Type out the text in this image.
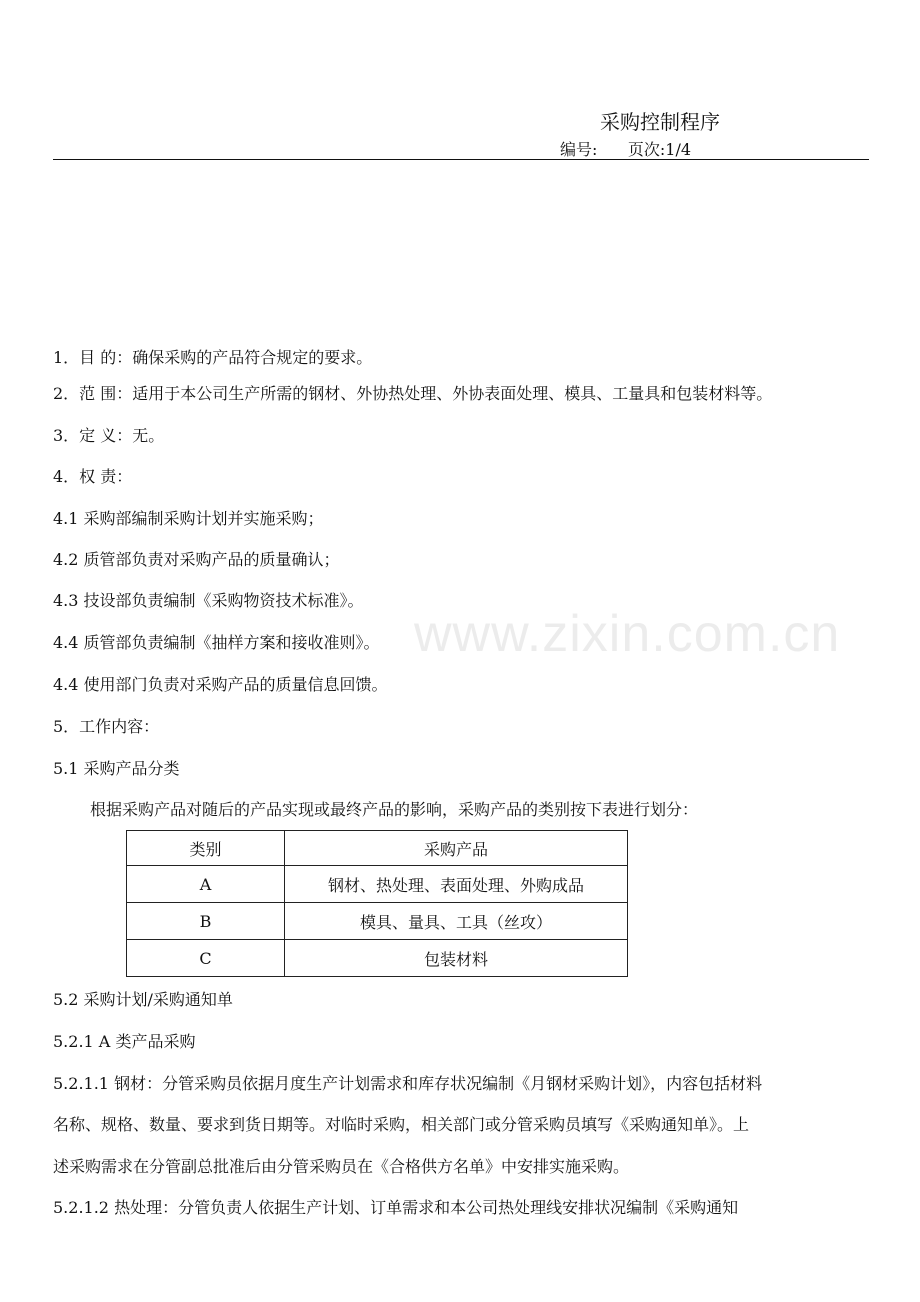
采购控制程序
编号:      页次:1/4
www.zixin.com.cn
1．目 的：确保采购的产品符合规定的要求。
2．范 围：适用于本公司生产所需的钢材、外协热处理、外协表面处理、模具、工量具和包装材料等。
3．定 义：无。
4．权 责：
4.1 采购部编制采购计划并实施采购；
4.2 质管部负责对采购产品的质量确认；
4.3 技设部负责编制《采购物资技术标准》。
4.4 质管部负责编制《抽样方案和接收准则》。
4.4 使用部门负责对采购产品的质量信息回馈。
5．工作内容：
5.1 采购产品分类
根据采购产品对随后的产品实现或最终产品的影响，采购产品的类别按下表进行划分：
类别	采购产品
A	钢材、热处理、表面处理、外购成品
B	模具、量具、工具（丝攻）
C	包装材料
5.2 采购计划/采购通知单
5.2.1 A 类产品采购
5.2.1.1 钢材：分管采购员依据月度生产计划需求和库存状况编制《月钢材采购计划》，内容包括材料
名称、规格、数量、要求到货日期等。对临时采购，相关部门或分管采购员填写《采购通知单》。上
述采购需求在分管副总批准后由分管采购员在《合格供方名单》中安排实施采购。
5.2.1.2 热处理：分管负责人依据生产计划、订单需求和本公司热处理线安排状况编制《采购通知
